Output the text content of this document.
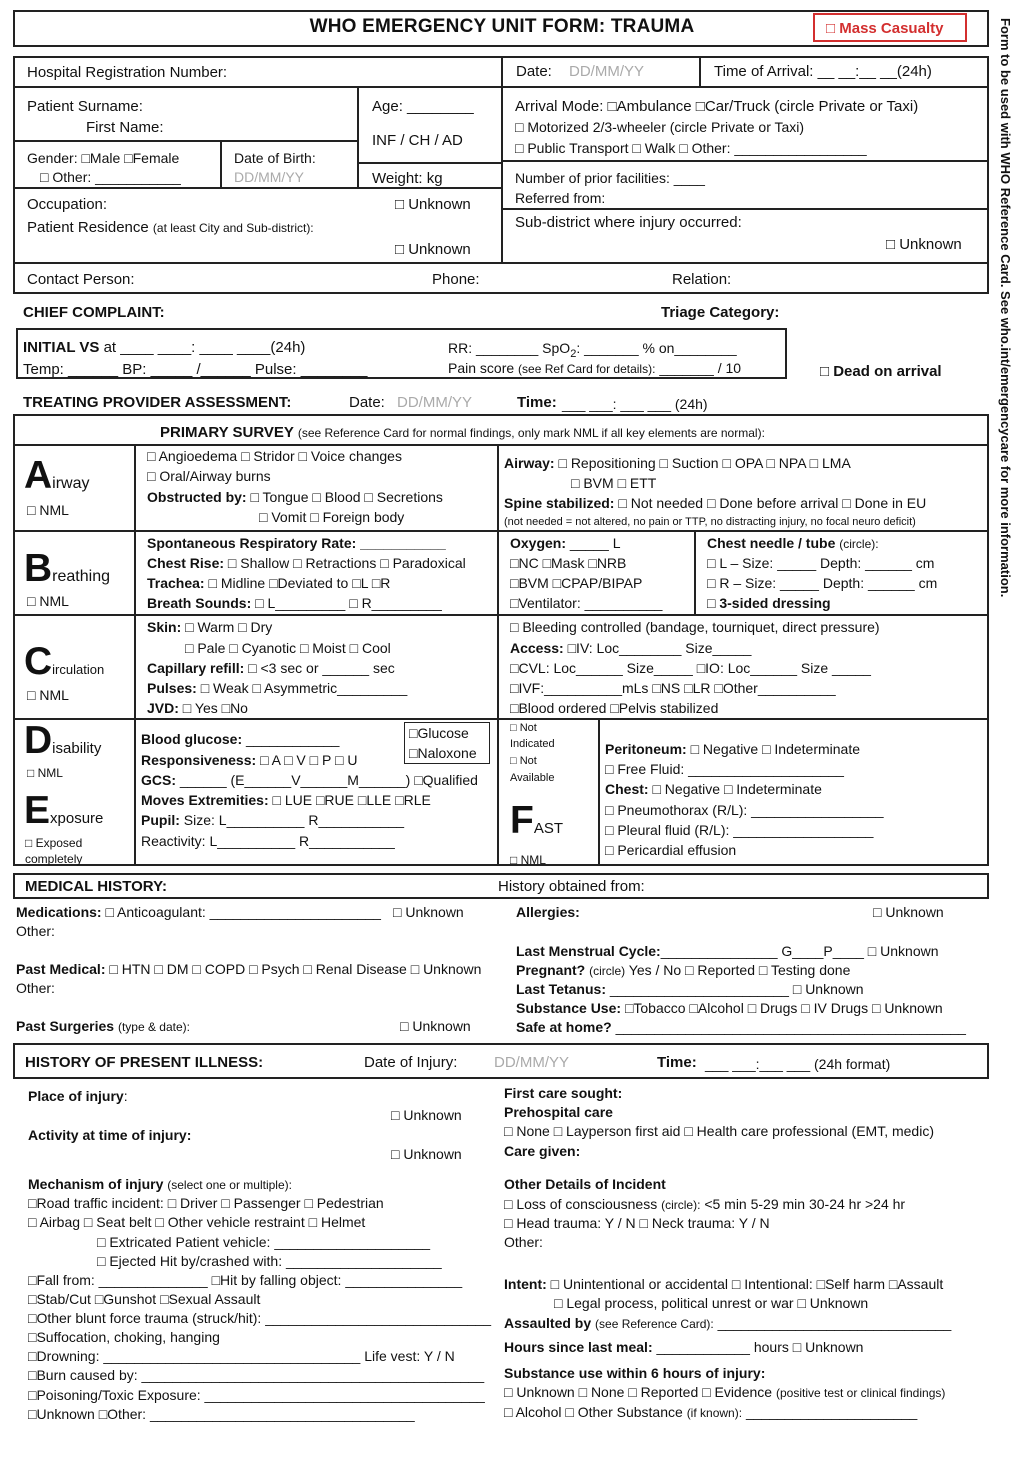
WHO EMERGENCY UNIT FORM: TRAUMA	□ Mass Casualty	Form to be used with WHO Reference Card. See who.int/emergencycare for more information.
Hospital Registration Number:	Date: DD/MM/YY	Time of Arrival: __ __:__ __(24h)
Patient Surname:
First Name:
Age: ________
INF / CH / AD
Gender: □Male □Female
□ Other: ___________
Date of Birth:
DD/MM/YY	Weight: kg
Arrival Mode: □Ambulance □Car/Truck (circle Private or Taxi)
□ Motorized 2/3-wheeler (circle Private or Taxi)
□ Public Transport □ Walk □ Other: _________________
Number of prior facilities: ____
Referred from:
Occupation:	□ Unknown
Patient Residence (at least City and Sub-district):
□ Unknown
Sub-district where injury occurred:
□ Unknown
Contact Person:	Phone:	Relation:
CHIEF COMPLAINT:	Triage Category:
INITIAL VS at ____ ____: ____ ____(24h)
Temp: ______ BP: _____ /______ Pulse: ________
RR: ________ SpO$_2$: _______ % on________
Pain score (see Ref Card for details): _______ / 10	□ Dead on arrival
TREATING PROVIDER ASSESSMENT:	Date: DD/MM/YY	Time: ___ ___: ___ ___ (24h)
PRIMARY SURVEY (see Reference Card for normal findings, only mark NML if all key elements are normal):
Airway
□ NML
□ Angioedema □ Stridor □ Voice changes
□ Oral/Airway burns
Obstructed by: □ Tongue □ Blood □ Secretions
□ Vomit □ Foreign body
Airway: □ Repositioning □ Suction □ OPA □ NPA □ LMA
□ BVM □ ETT
Spine stabilized: □ Not needed □ Done before arrival □ Done in EU
(not needed = not altered, no pain or TTP, no distracting injury, no focal neuro deficit)
Breathing
□ NML
Spontaneous Respiratory Rate: ___________
Chest Rise: □ Shallow □ Retractions □ Paradoxical
Trachea: □ Midline □Deviated to □L □R
Breath Sounds: □ L_________ □ R_________
Oxygen: _____ L
□NC □Mask □NRB
□BVM □CPAP/BIPAP
□Ventilator: __________
Chest needle / tube (circle):
□ L – Size: _____ Depth: ______ cm
□ R – Size: _____ Depth: ______ cm
□ 3-sided dressing
Circulation
□ NML
Skin: □ Warm □ Dry
□ Pale □ Cyanotic □ Moist □ Cool
Capillary refill: □ <3 sec or ______ sec
Pulses: □ Weak □ Asymmetric_________
JVD: □ Yes □No
□ Bleeding controlled (bandage, tourniquet, direct pressure)
Access: □IV: Loc________ Size_____
□CVL: Loc______ Size_____ □IO: Loc______ Size _____
□IVF:__________mLs □NS □LR □Other__________
□Blood ordered □Pelvis stabilized
Disability
□ NML
Exposure
□ Exposed
completely
Blood glucose: ____________	□Glucose
□Naloxone
Responsiveness: □ A □ V □ P □ U
GCS: ______ (E______V______M______) □Qualified
Moves Extremities: □ LUE □RUE □LLE □RLE
Pupil: Size: L__________ R___________
Reactivity: L__________ R___________
□ Not
Indicated
□ Not
Available
FAST
□ NML
Peritoneum: □ Negative □ Indeterminate
□ Free Fluid: ____________________
Chest: □ Negative □ Indeterminate
□ Pneumothorax (R/L): _________________
□ Pleural fluid (R/L): __________________
□ Pericardial effusion
MEDICAL HISTORY:	History obtained from:
Medications: □ Anticoagulant: ______________________ □ Unknown
Other:
Allergies:	□ Unknown
Last Menstrual Cycle:_______________ G____P____ □ Unknown
Pregnant? (circle) Yes / No □ Reported □ Testing done
Last Tetanus: _______________________ □ Unknown
Substance Use: □Tobacco □Alcohol □ Drugs □ IV Drugs □ Unknown
Safe at home? _____________________________________________
Past Medical: □ HTN □ DM □ COPD □ Psych □ Renal Disease □ Unknown
Other:
Past Surgeries (type & date):	□ Unknown
HISTORY OF PRESENT ILLNESS:	Date of Injury: DD/MM/YY	Time: ___ ___:___ ___ (24h format)
Place of injury:
□ Unknown
Activity at time of injury:
□ Unknown
Mechanism of injury (select one or multiple):
□Road traffic incident: □ Driver □ Passenger □ Pedestrian
□ Airbag □ Seat belt □ Other vehicle restraint □ Helmet
□ Extricated Patient vehicle: ____________________
□ Ejected Hit by/crashed with: ____________________
□Fall from: ______________ □Hit by falling object: _______________
□Stab/Cut □Gunshot □Sexual Assault
□Other blunt force trauma (struck/hit): _____________________________
□Suffocation, choking, hanging
□Drowning: _________________________________ Life vest: Y / N
□Burn caused by: ____________________________________________
□Poisoning/Toxic Exposure: ____________________________________
□Unknown □Other: __________________________________
First care sought:
Prehospital care
□ None □ Layperson first aid □ Health care professional (EMT, medic)
Care given:
Other Details of Incident
□ Loss of consciousness (circle): <5 min 5-29 min 30-24 hr >24 hr
□ Head trauma: Y / N □ Neck trauma: Y / N
Other:
Intent: □ Unintentional or accidental □ Intentional: □Self harm □Assault
□ Legal process, political unrest or war □ Unknown
Assaulted by (see Reference Card): ______________________________
Hours since last meal: ____________ hours □ Unknown
Substance use within 6 hours of injury:
□ Unknown □ None □ Reported □ Evidence (positive test or clinical findings)
□ Alcohol □ Other Substance (if known): ______________________
